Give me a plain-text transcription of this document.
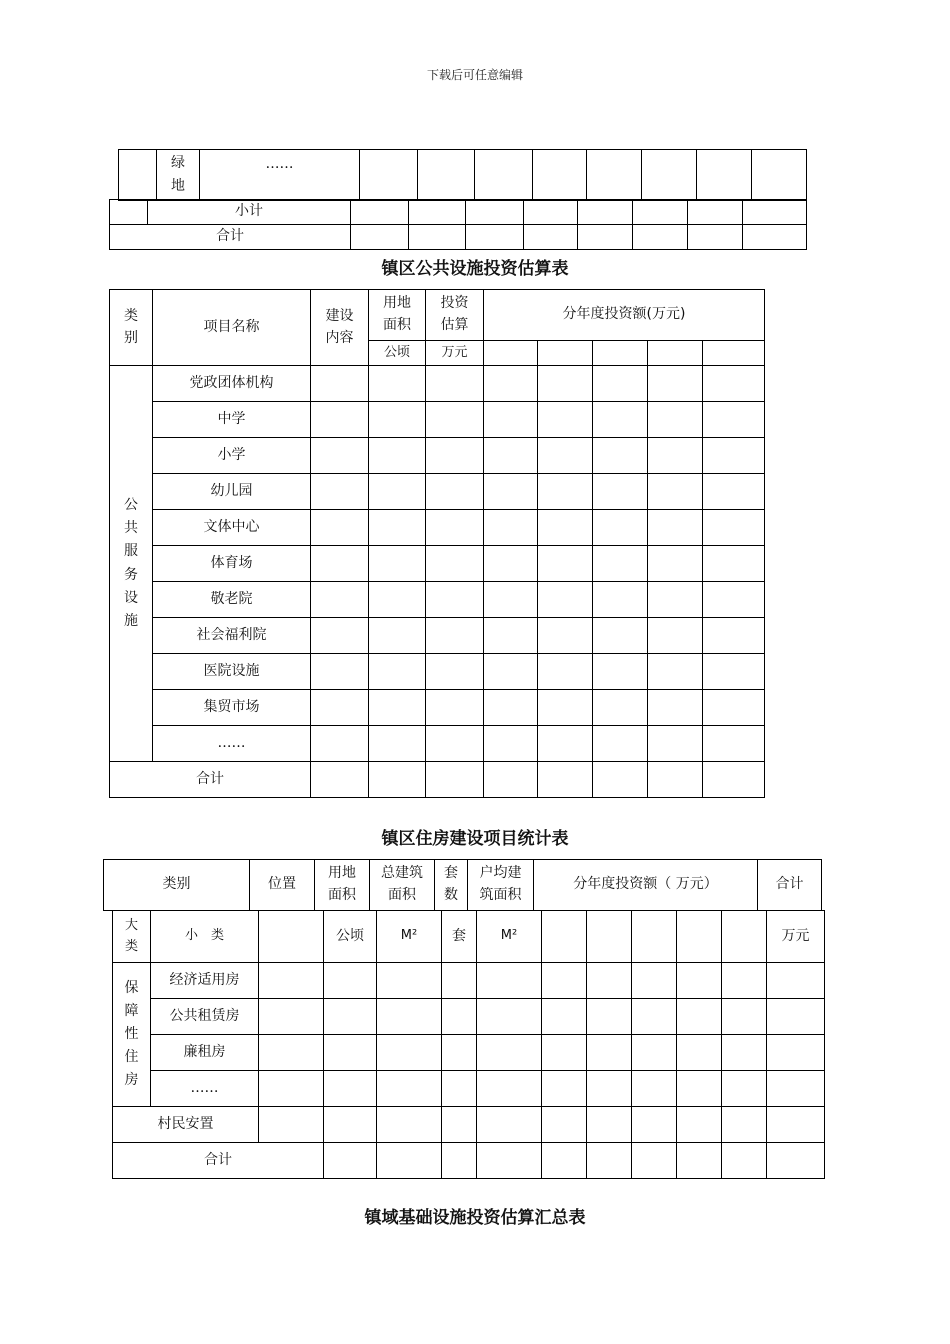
下载后可任意编辑
	绿地	……								
	小计								
合计									
镇区公共设施投资估算表
类别	项目名称	建设内容	用地面积	投资估算	分年度投资额(万元)				
			公顷	万元					
公共服务设施	党政团体机构								
	中学								
	小学								
	幼儿园								
	文体中心								
	体育场								
	敬老院								
	社会福利院								
	医院设施								
	集贸市场								
	……								
合计									
镇区住房建设项目统计表
类别	位置	用地面积	总建筑面积	套数	户均建筑面积	分年度投资额（ 万元）	合计
大类	小　类		公顷	M²	套	M²						万元
保障性住房	经济适用房											
	公共租赁房											
	廉租房											
	……											
村民安置												
合计												
镇域基础设施投资估算汇总表
